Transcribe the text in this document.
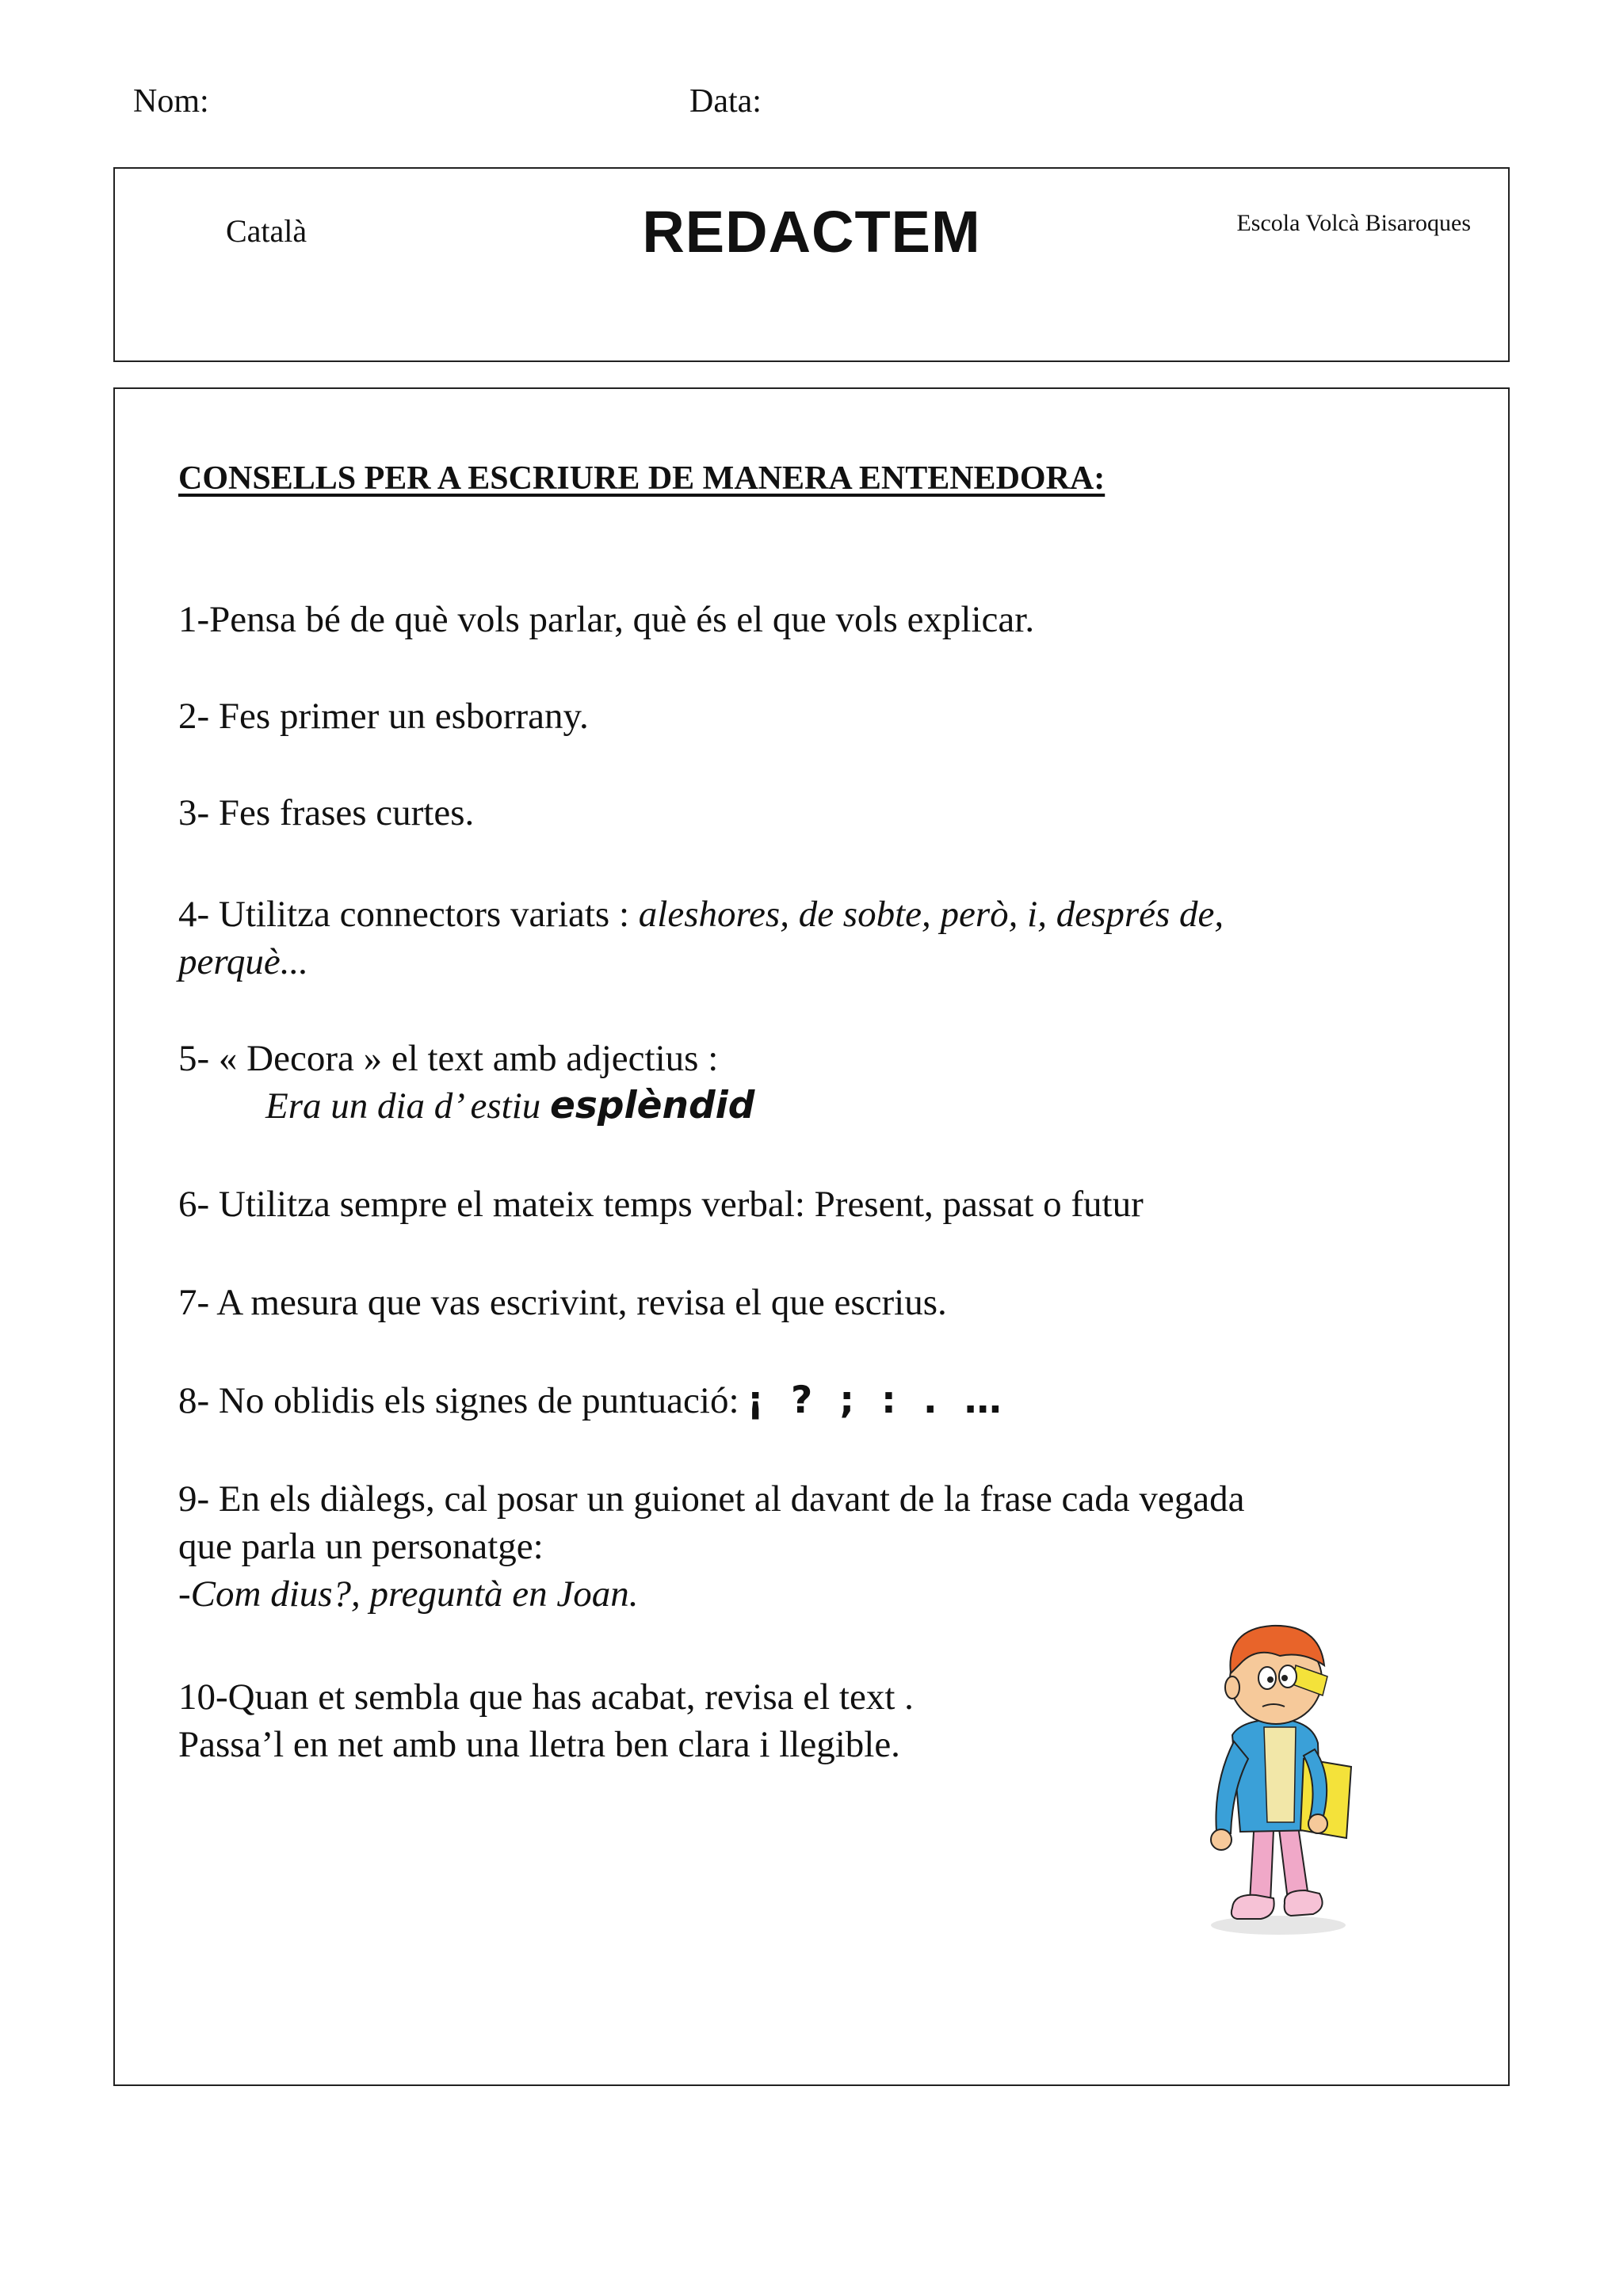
Nom:	Data:
Català	REDACTEM	Escola Volcà Bisaroques
CONSELLS PER A ESCRIURE DE MANERA ENTENEDORA:
1-Pensa bé de què vols parlar, què és el que vols explicar.
2- Fes primer un esborrany.
3- Fes frases curtes.
4- Utilitza connectors variats : aleshores, de sobte, però, i, després de, perquè...
5- « Decora » el text amb adjectius :
Era un dia d’ estiu esplèndid
6- Utilitza sempre el mateix temps verbal: Present, passat o futur
7- A mesura que vas escrivint, revisa el que escrius.
8- No oblidis els signes de puntuació: ¡ ? ; : . …
9- En els diàlegs, cal posar un guionet al davant de la frase cada vegada que parla un personatge:
-Com dius?, preguntà en Joan.
10-Quan et sembla que has acabat, revisa el text .
Passa’l en net amb una lletra ben clara i llegible.
